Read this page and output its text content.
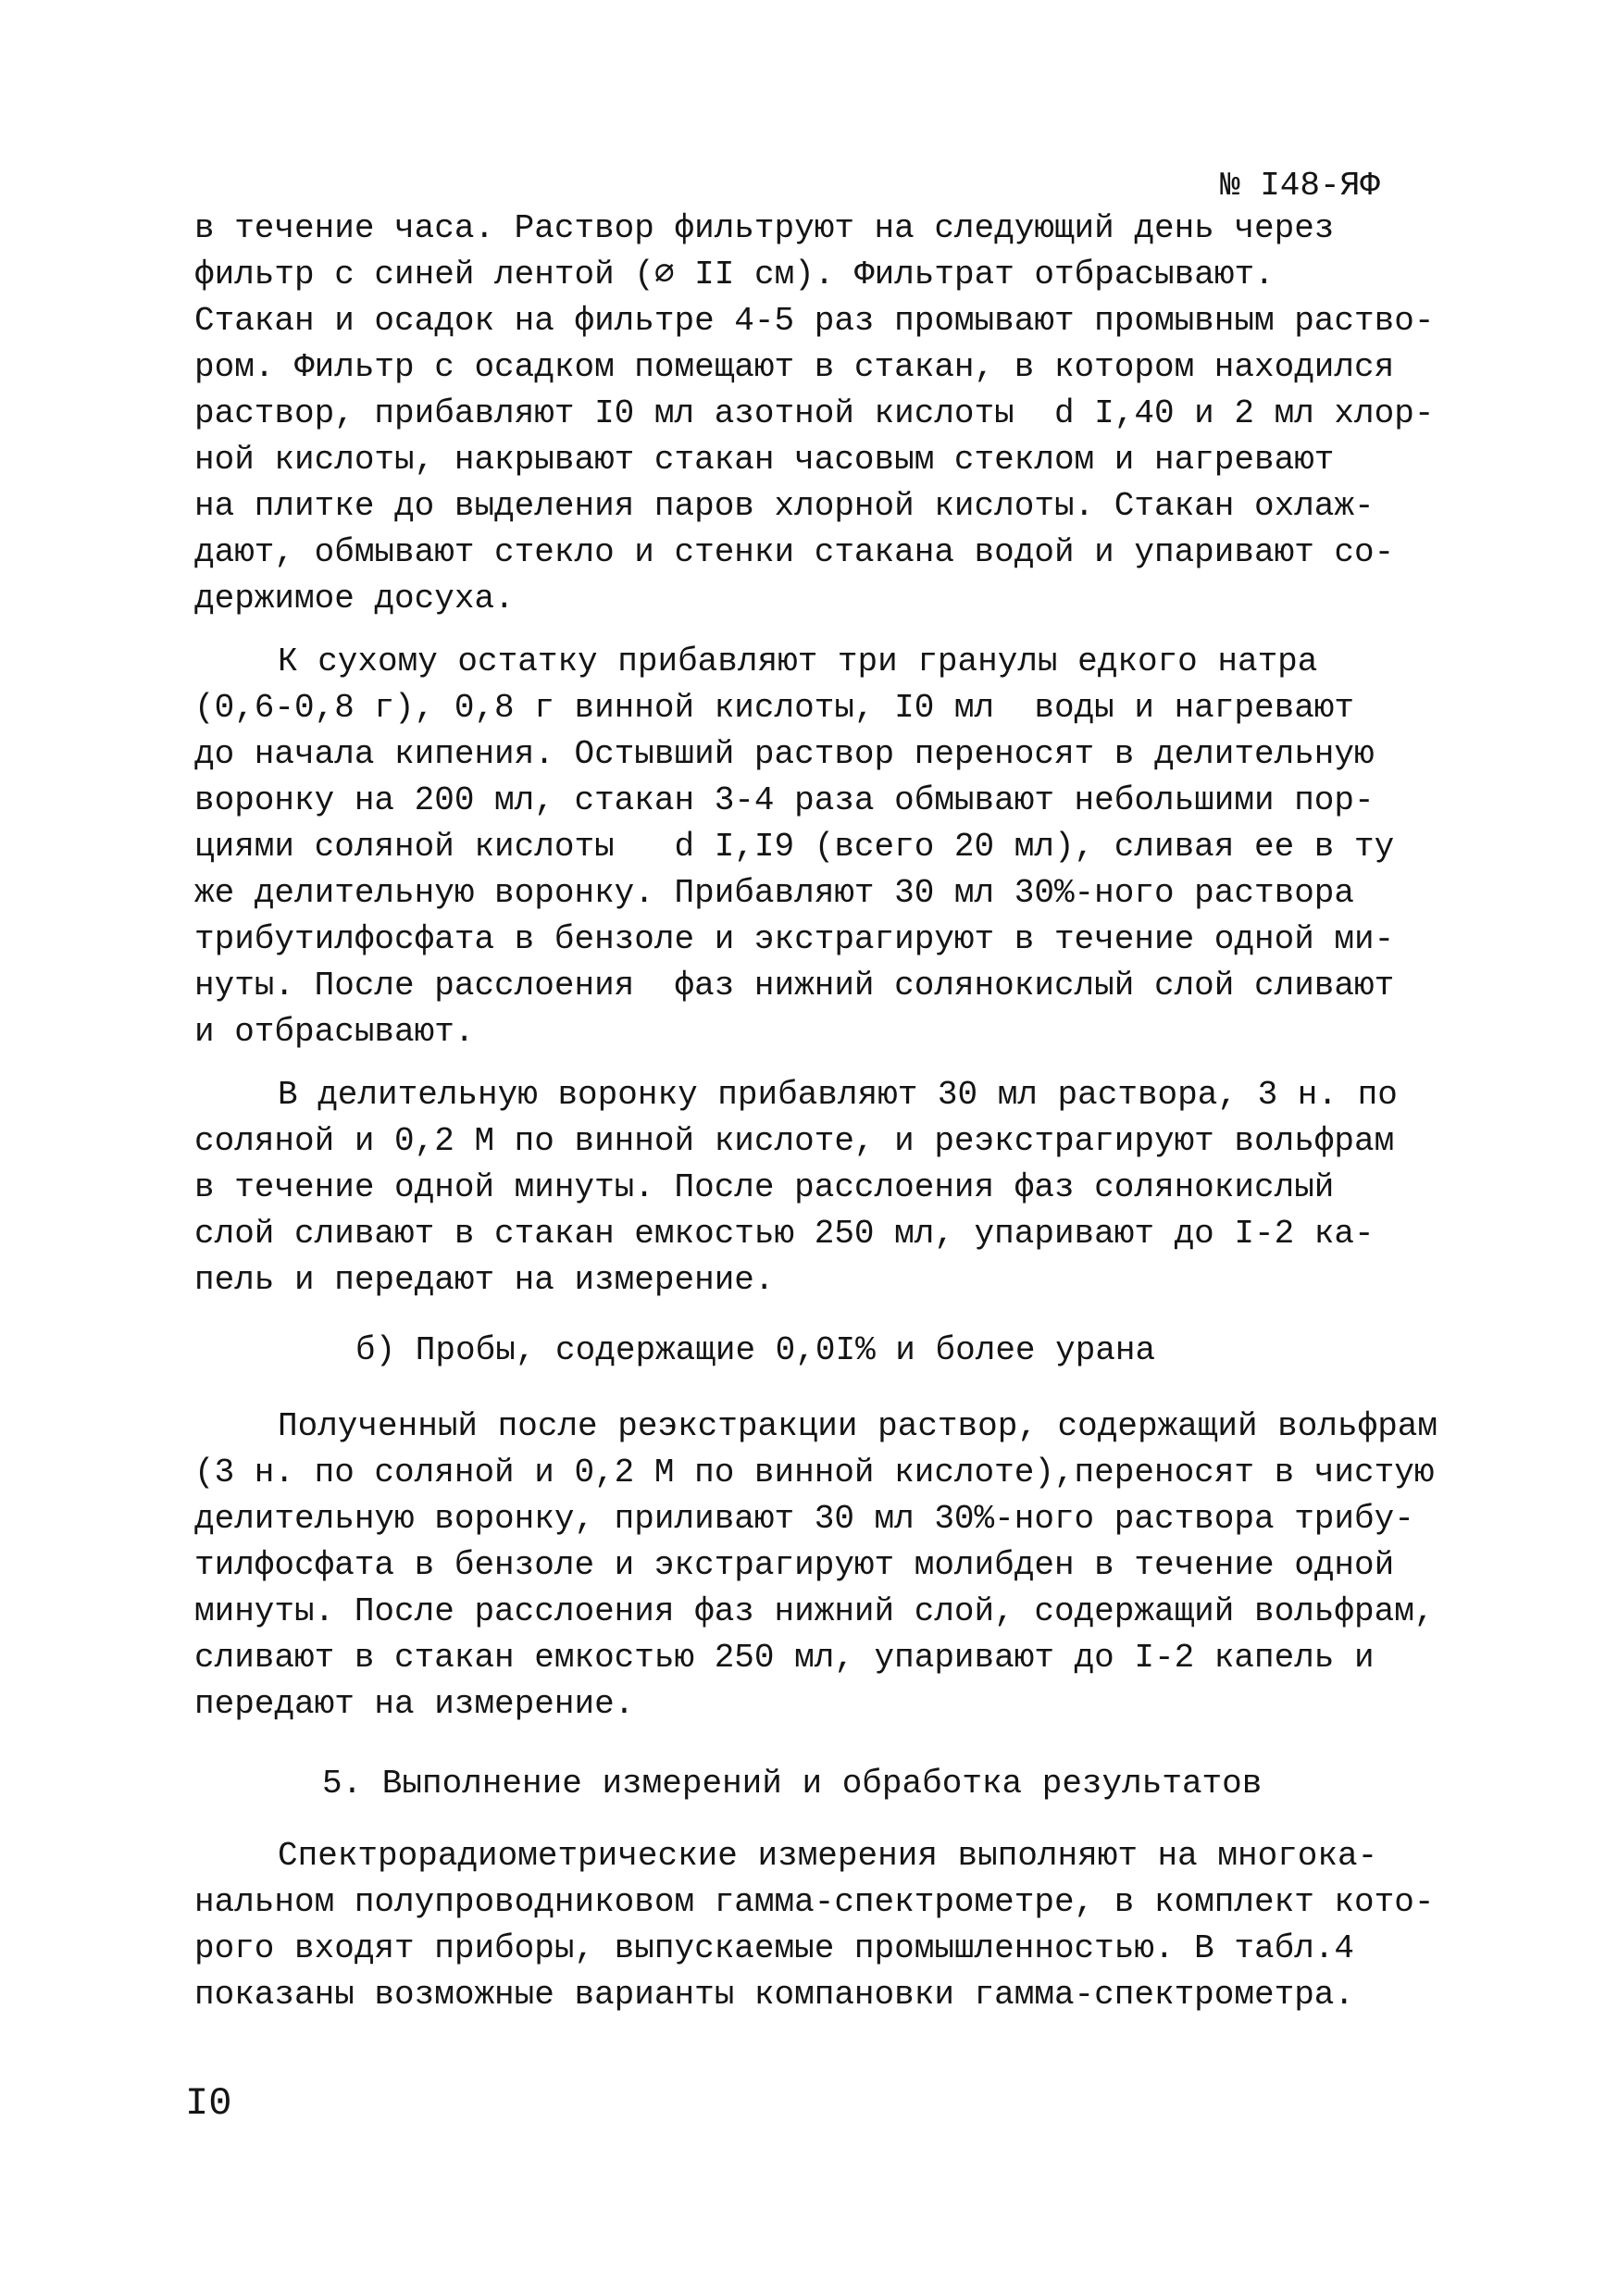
№ I48-ЯФ
в течение часа. Раствор фильтруют на следующий день через
фильтр с синей лентой (⌀ II см). Фильтрат отбрасывают.
Стакан и осадок на фильтре 4-5 раз промывают промывным раство-
ром. Фильтр с осадком помещают в стакан, в котором находился
раствор, прибавляют I0 мл азотной кислоты  d I,40 и 2 мл хлор-
ной кислоты, накрывают стакан часовым стеклом и нагревают
на плитке до выделения паров хлорной кислоты. Стакан охлаж-
дают, обмывают стекло и стенки стакана водой и упаривают со-
держимое досуха.
К сухому остатку прибавляют три гранулы едкого натра
(0,6-0,8 г), 0,8 г винной кислоты, I0 мл  воды и нагревают
до начала кипения. Остывший раствор переносят в делительную
воронку на 200 мл, стакан 3-4 раза обмывают небольшими пор-
циями соляной кислоты   d I,I9 (всего 20 мл), сливая ее в ту
же делительную воронку. Прибавляют 30 мл 30%-ного раствора
трибутилфосфата в бензоле и экстрагируют в течение одной ми-
нуты. После расслоения  фаз нижний солянокислый слой сливают
и отбрасывают.
В делительную воронку прибавляют 30 мл раствора, 3 н. по
соляной и 0,2 М по винной кислоте, и реэкстрагируют вольфрам
в течение одной минуты. После расслоения фаз солянокислый
слой сливают в стакан емкостью 250 мл, упаривают до I-2 ка-
пель и передают на измерение.
б) Пробы, содержащие 0,0I% и более урана
Полученный после реэкстракции раствор, содержащий вольфрам
(3 н. по соляной и 0,2 М по винной кислоте),переносят в чистую
делительную воронку, приливают 30 мл 30%-ного раствора трибу-
тилфосфата в бензоле и экстрагируют молибден в течение одной
минуты. После расслоения фаз нижний слой, содержащий вольфрам,
сливают в стакан емкостью 250 мл, упаривают до I-2 капель и
передают на измерение.
5. Выполнение измерений и обработка результатов
Спектрорадиометрические измерения выполняют на многока-
нальном полупроводниковом гамма-спектрометре, в комплект кото-
рого входят приборы, выпускаемые промышленностью. В табл.4
показаны возможные варианты компановки гамма-спектрометра.
I0
